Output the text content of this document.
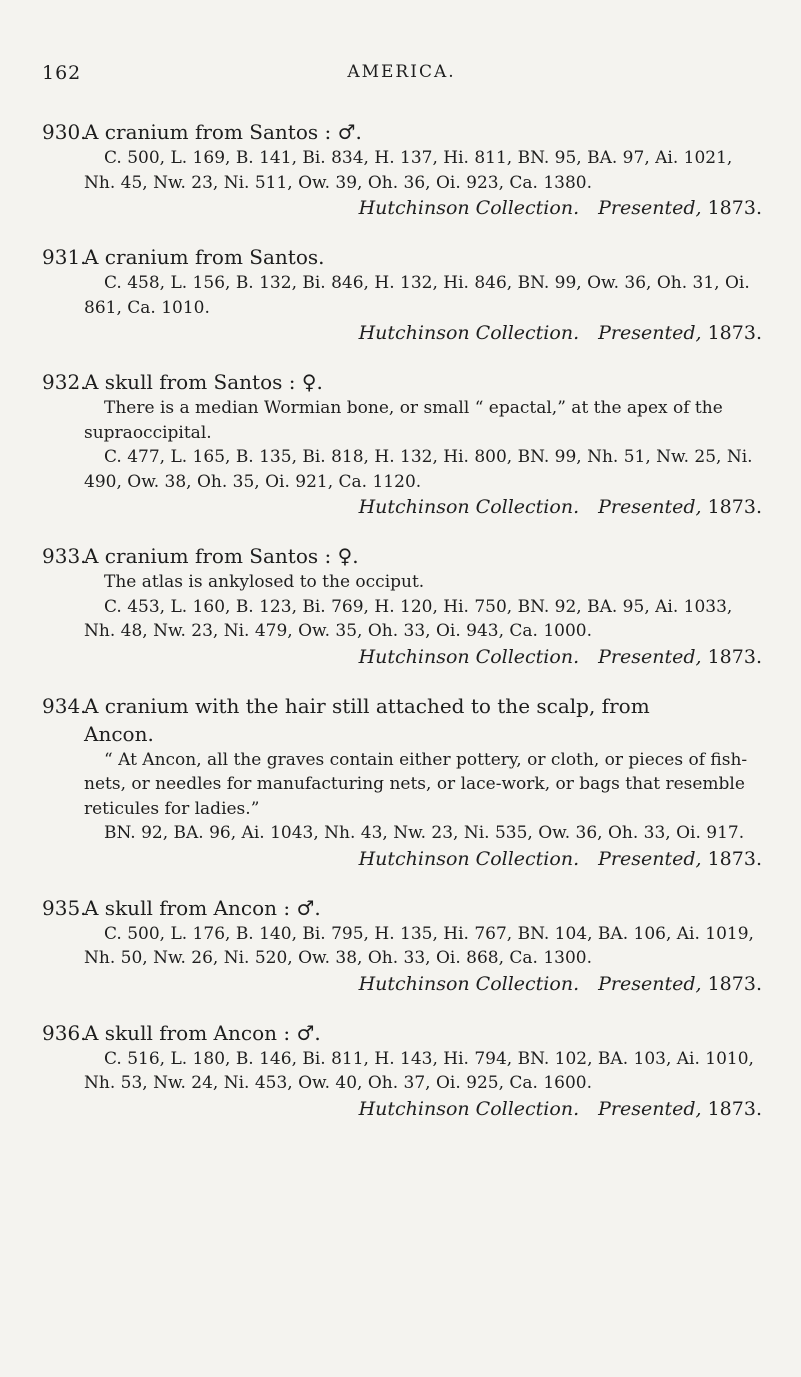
162	AMERICA.
930.A cranium from Santos : ♂.
C. 500, L. 169, B. 141, Bi. 834, H. 137, Hi. 811, BN. 95, BA. 97, Ai. 1021, Nh. 45, Nw. 23, Ni. 511, Ow. 39, Oh. 36, Oi. 923, Ca. 1380.
Hutchinson Collection.  Presented, 1873.
931.A cranium from Santos.
C. 458, L. 156, B. 132, Bi. 846, H. 132, Hi. 846, BN. 99, Ow. 36, Oh. 31, Oi. 861, Ca. 1010.
Hutchinson Collection.  Presented, 1873.
932.A skull from Santos : ♀.
There is a median Wormian bone, or small “ epactal,” at the apex of the supraoccipital.
C. 477, L. 165, B. 135, Bi. 818, H. 132, Hi. 800, BN. 99, Nh. 51, Nw. 25, Ni. 490, Ow. 38, Oh. 35, Oi. 921, Ca. 1120.
Hutchinson Collection.  Presented, 1873.
933.A cranium from Santos : ♀.
The atlas is ankylosed to the occiput.
C. 453, L. 160, B. 123, Bi. 769, H. 120, Hi. 750, BN. 92, BA. 95, Ai. 1033, Nh. 48, Nw. 23, Ni. 479, Ow. 35, Oh. 33, Oi. 943, Ca. 1000.
Hutchinson Collection.  Presented, 1873.
934.A cranium with the hair still attached to the scalp, from
Ancon.
“ At Ancon, all the graves contain either pottery, or cloth, or pieces of fish-nets, or needles for manufacturing nets, or lace-work, or bags that resemble reticules for ladies.”
BN. 92, BA. 96, Ai. 1043, Nh. 43, Nw. 23, Ni. 535, Ow. 36, Oh. 33, Oi. 917.
Hutchinson Collection.  Presented, 1873.
935.A skull from Ancon : ♂.
C. 500, L. 176, B. 140, Bi. 795, H. 135, Hi. 767, BN. 104, BA. 106, Ai. 1019, Nh. 50, Nw. 26, Ni. 520, Ow. 38, Oh. 33, Oi. 868, Ca. 1300.
Hutchinson Collection.  Presented, 1873.
936.A skull from Ancon : ♂.
C. 516, L. 180, B. 146, Bi. 811, H. 143, Hi. 794, BN. 102, BA. 103, Ai. 1010, Nh. 53, Nw. 24, Ni. 453, Ow. 40, Oh. 37, Oi. 925, Ca. 1600.
Hutchinson Collection.  Presented, 1873.
